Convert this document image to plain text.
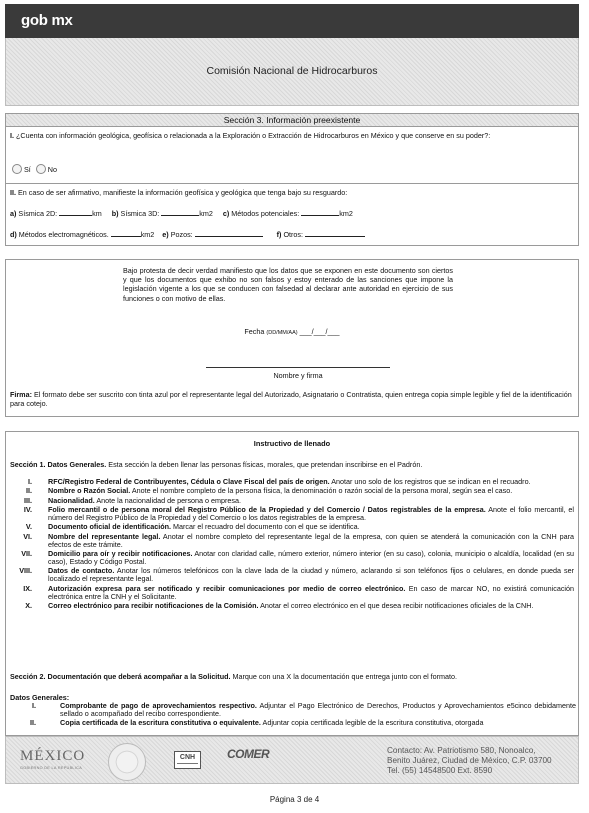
gob mx
Comisión Nacional de Hidrocarburos
Sección 3. Información preexistente
I. ¿Cuenta con información geológica, geofísica o relacionada a la Exploración o Extracción de Hidrocarburos en México y que conserve en su poder?:
Sí No
II. En caso de ser afirmativo, manifieste la información geofísica y geológica que tenga bajo su resguardo:
a) Sísmica 2D:	km b) Sísmica 3D:	km2 c) Métodos potenciales:	km2
d) Métodos electromagnéticos.	km2 e) Pozos:	f) Otros:
Bajo protesta de decir verdad manifiesto que los datos que se exponen en este documento son ciertos y que los documentos que exhibo no son falsos y estoy enterado de las sanciones que impone la legislación vigente a los que se conducen con falsedad al declarar ante autoridad en ejercicio de sus funciones o con motivo de ellas.
Fecha (DD/MM/AA) ___/___/___
Nombre y firma
Firma: El formato debe ser suscrito con tinta azul por el representante legal del Autorizado, Asignatario o Contratista, quien entrega copia simple legible y fiel de la identificación para cotejo.
Instructivo de llenado
Sección 1. Datos Generales. Esta sección la deben llenar las personas físicas, morales, que pretendan inscribirse en el Padrón.
I. RFC/Registro Federal de Contribuyentes, Cédula o Clave Fiscal del país de origen. Anotar uno solo de los registros que se indican en el recuadro.
II. Nombre o Razón Social. Anote el nombre completo de la persona física, la denominación o razón social de la persona moral, según sea el caso.
III. Nacionalidad. Anote la nacionalidad de persona o empresa.
IV. Folio mercantil o de persona moral del Registro Público de la Propiedad y del Comercio / Datos registrables de la empresa. Anote el folio mercantil, el número del Registro Público de la Propiedad y del Comercio o los datos registrables de la empresa.
V. Documento oficial de identificación. Marcar el recuadro del documento con el que se identifica.
VI. Nombre del representante legal. Anotar el nombre completo del representante legal de la empresa, con quien se atenderá la comunicación con la CNH para efectos de este trámite.
VII. Domicilio para oír y recibir notificaciones. Anotar con claridad calle, número exterior, número interior (en su caso), colonia, municipio o alcaldía, localidad (en su caso), Estado y Código Postal.
VIII. Datos de contacto. Anotar los números telefónicos con la clave lada de la ciudad y número, aclarando si son teléfonos fijos o celulares, en donde pueda ser localizado el representante legal.
IX. Autorización expresa para ser notificado y recibir comunicaciones por medio de correo electrónico. En caso de marcar NO, no existirá comunicación electrónica entre la CNH y el Solicitante.
X. Correo electrónico para recibir notificaciones de la Comisión. Anotar el correo electrónico en el que desea recibir notificaciones oficiales de la CNH.
Sección 2. Documentación que deberá acompañar a la Solicitud. Marque con una X la documentación que entrega junto con el formato.
Datos Generales:
I.	Comprobante de pago de aprovechamientos respectivo. Adjuntar el Pago Electrónico de Derechos, Productos y Aprovechamientos e5cinco debidamente sellado o acompañado del recibo correspondiente.
II.	Copia certificada de la escritura constitutiva o equivalente. Adjuntar copia certificada legible de la escritura constitutiva, otorgada
MÉXICO
GOBIERNO DE LA REPÚBLICA
CNH	COMER	Contacto: Av. Patriotismo 580, Nonoalco,
Benito Juárez, Ciudad de México, C.P. 03700
Tel. (55) 14548500 Ext. 8590
Página 3 de 4
